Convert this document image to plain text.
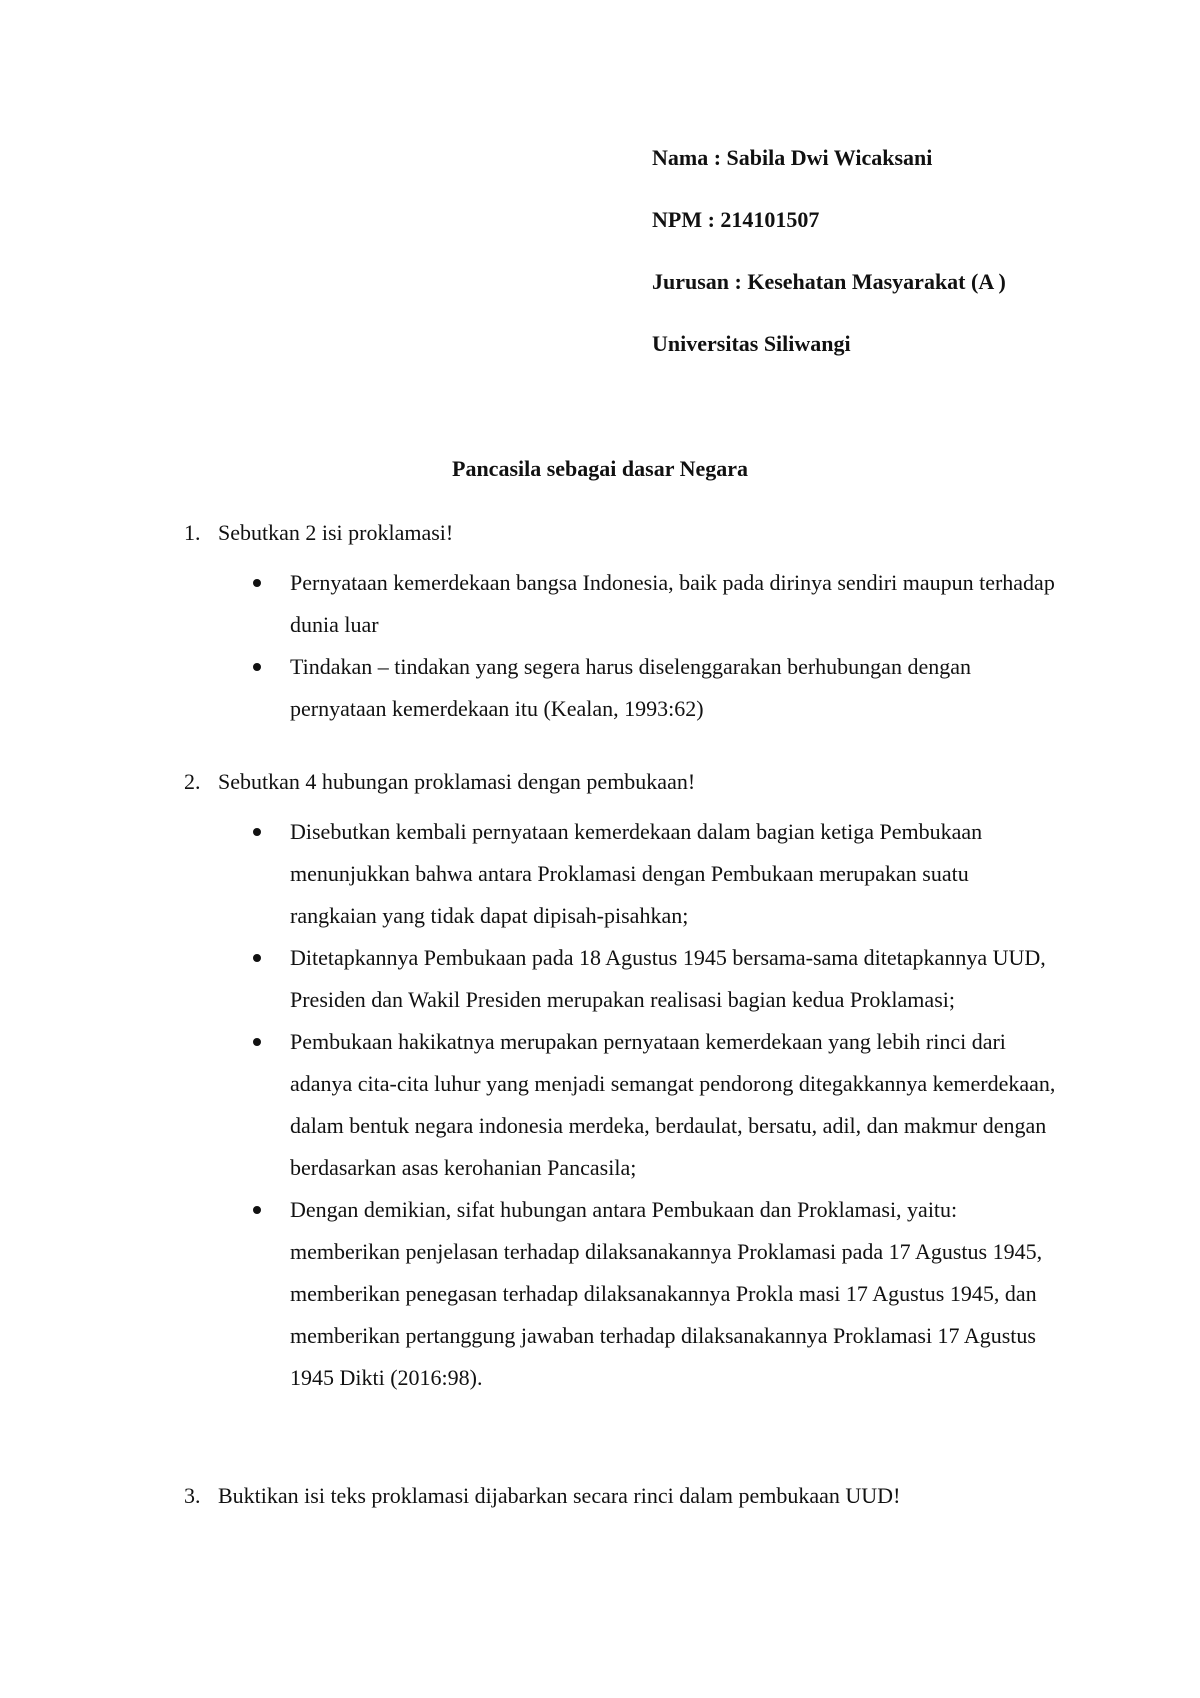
Nama : Sabila Dwi Wicaksani
NPM : 214101507
Jurusan : Kesehatan Masyarakat (A )
Universitas Siliwangi
Pancasila sebagai dasar Negara
1. Sebutkan 2 isi proklamasi!
Pernyataan kemerdekaan bangsa Indonesia, baik pada dirinya sendiri maupun terhadap dunia luar
Tindakan – tindakan yang segera harus diselenggarakan berhubungan dengan pernyataan kemerdekaan itu (Kealan, 1993:62)
2. Sebutkan 4 hubungan proklamasi dengan pembukaan!
Disebutkan kembali pernyataan kemerdekaan dalam bagian ketiga Pembukaan menunjukkan bahwa antara Proklamasi dengan Pembukaan merupakan suatu rangkaian yang tidak dapat dipisah-pisahkan;
Ditetapkannya Pembukaan pada 18 Agustus 1945 bersama-sama ditetapkannya UUD, Presiden dan Wakil Presiden merupakan realisasi bagian kedua Proklamasi;
Pembukaan hakikatnya merupakan pernyataan kemerdekaan yang lebih rinci dari adanya cita-cita luhur yang menjadi semangat pendorong ditegakkannya kemerdekaan, dalam bentuk negara indonesia merdeka, berdaulat, bersatu, adil, dan makmur dengan berdasarkan asas kerohanian Pancasila;
Dengan demikian, sifat hubungan antara Pembukaan dan Proklamasi, yaitu: memberikan penjelasan terhadap dilaksanakannya Proklamasi pada 17 Agustus 1945, memberikan penegasan terhadap dilaksanakannya Prokla masi 17 Agustus 1945, dan memberikan pertanggung jawaban terhadap dilaksanakannya Proklamasi 17 Agustus 1945 Dikti (2016:98).
3. Buktikan isi teks proklamasi dijabarkan secara rinci dalam pembukaan UUD!
